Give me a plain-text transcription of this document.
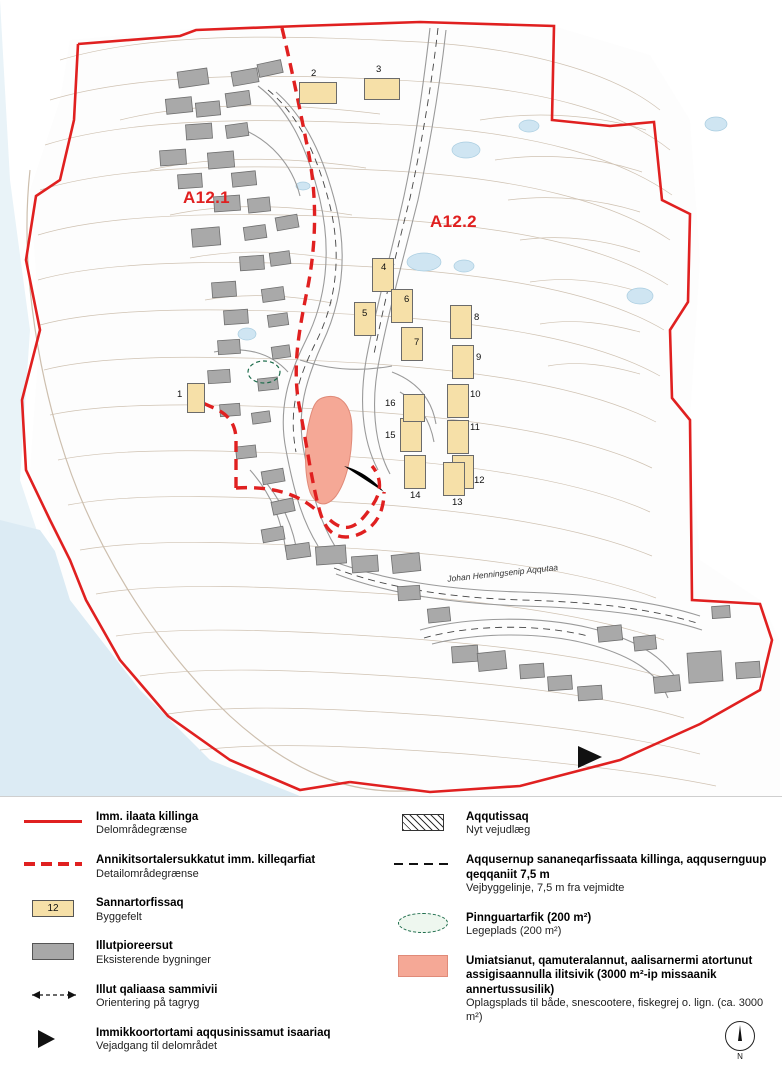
A12.1
A12.2
Johan Henningsenip Aqqutaa
2	3
4
5
6
7
8
9
10
11
12
13
14
15
16
1
Imm. ilaata killinga
Delområdegrænse
Annikitsortalersukkatut imm. killeqarfiat
Detailområdegrænse
12	Sannartorfissaq
Byggefelt
Illutpioreersut
Eksisterende bygninger
Illut qaliaasa sammivii
Orientering på tagryg
Immikkoortortami aqqusinissamut isaariaq
Vejadgang til delområdet
Aqqutissaq
Nyt vejudlæg
Aqqusernup sananeqarfissaata killinga, aqqusernguup qeqqaniit 7,5 m
Vejbyggelinje, 7,5 m fra vejmidte
Pinnguartarfik (200 m²)
Legeplads (200 m²)
Umiatsianut, qamuteralannut, aalisarnermi atortunut assigisaannulla ilitsivik (3000 m²-ip missaanik annertussusilik)
Oplagsplads til både, snescootere, fiskegrej o. lign. (ca. 3000 m²)
N
